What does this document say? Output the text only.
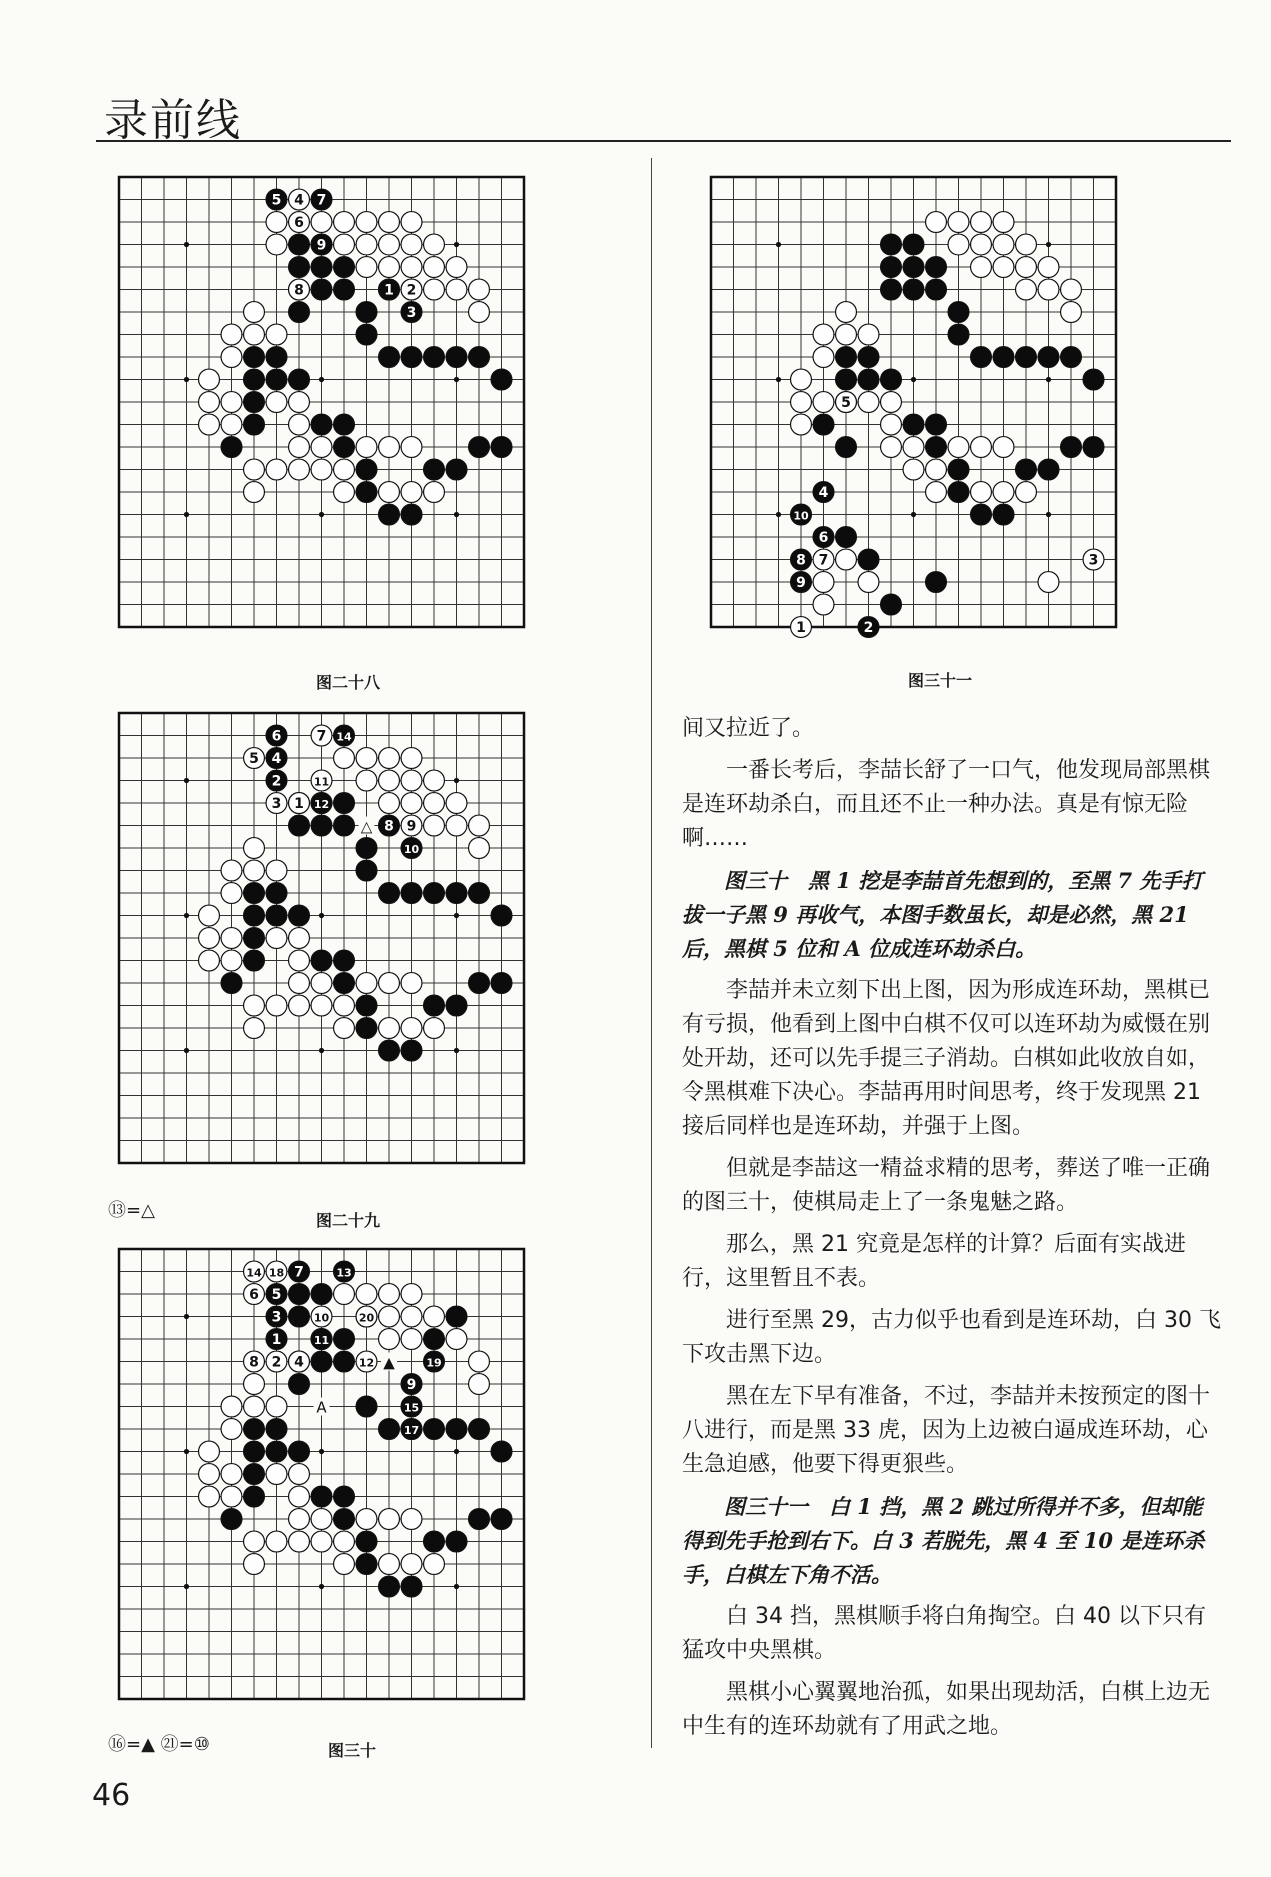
录前线
5 4 7
6
9
8	1 2
3
图二十八
6	7 14
5 4
2	11
3 1 12
8 9
10
△
⑬=△	图二十九
14 18 7	13
6 5
3	10	20
1	11
8 2 4	12	19
9
15
17
▲
A
⑯=▲ ㉑=⑩	图三十
5
4
10
6
8 7
9
1	2
3
图三十一

间又拉近了。

一番长考后，李喆长舒了一口气，他发现局部黑棋是连环劫杀白，而且还不止一种办法。真是有惊无险啊……

图三十　黑 1 挖是李喆首先想到的，至黑 7 先手打拔一子黑 9 再收气，本图手数虽长，却是必然，黑 21 后，黑棋 5 位和 A 位成连环劫杀白。

李喆并未立刻下出上图，因为形成连环劫，黑棋已有亏损，他看到上图中白棋不仅可以连环劫为威慑在别处开劫，还可以先手提三子消劫。白棋如此收放自如，令黑棋难下决心。李喆再用时间思考，终于发现黑 21 接后同样也是连环劫，并强于上图。

但就是李喆这一精益求精的思考，葬送了唯一正确的图三十，使棋局走上了一条鬼魅之路。

那么，黑 21 究竟是怎样的计算？后面有实战进行，这里暂且不表。

进行至黑 29，古力似乎也看到是连环劫，白 30 飞下攻击黑下边。

黑在左下早有准备，不过，李喆并未按预定的图十八进行，而是黑 33 虎，因为上边被白逼成连环劫，心生急迫感，他要下得更狠些。

图三十一　白 1 挡，黑 2 跳过所得并不多，但却能得到先手抢到右下。白 3 若脱先，黑 4 至 10 是连环杀手，白棋左下角不活。

白 34 挡，黑棋顺手将白角掏空。白 40 以下只有猛攻中央黑棋。

黑棋小心翼翼地治孤，如果出现劫活，白棋上边无中生有的连环劫就有了用武之地。

46
